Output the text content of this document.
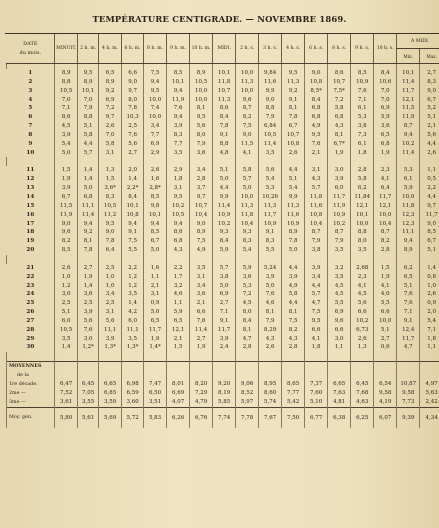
TEMPÉRATURE CENTIGRADE. — NOVEMBRE 1869.
DATE
du mois.	MINUIT.	2 h. m.	4 h. m.	6 h. m.	8 h. m.	9 h. m.	10 h. m.	MIDI.	2 h. s.	3 h. s.	4 h. s.	6 h. s.	8 h. s.	9 h. s.	10 h. s.	A MIDI.	
																Min.	Max.

1	8,9	9,5	6,5	6,6	7,5	8,5	8,9	10,1	10,0	9,84	9,5	9,0	8,6	8,5	8,4	10,1	2,7
2	8,8	8,9	8,9	9,0	9,4	10,1	10,5	11,8	11,3	11,6	11,3	10,8	10,7	10,9	10,6	11,4	8,3
3	10,5	10,1	9,2	9,7	9,5	9,4	10,0	10,7	10,0	9,9	9,2	8,5*	7,5*	7,6	7,0	11,7	9,0
4	7,0	7,0	6,9	8,0	10,0	11,9	10,0	11,3	9,6	9,0	9,1	8,4	7,2	7,1	7,0	12,1	6,7
5	7,1	7,9	7,2	7,8	7,4	7,6	8,1	8,6	8,7	8,8	8,1	6,8	5,8	6,1	6,9	11,5	5,2
6	8,6	8,8	9,7	10,3	10,0	9,4	9,5	8,4	8,2	7,9	7,8	6,8	6,8	5,3	5,9	11,9	5,1
7	4,5	5,1	2,6	2,5	3,4	3,9	5,6	7,8	7,5	6,84	6,7	4,9	4,3	3,8	3,6	8,7	2,1
8	3,9	5,8	7,0	7,6	7,7	8,3	8,0	9,1	9,0	10,5	10,7	9,5	8,1	7,3	6,5	9,4	5,6
9	5,4	4,4	5,8	5,6	6,9	7,7	7,9	8,8	11,5	11,4	10,8	7,6	6,7*	6,1	6,8	10,2	4,4
10	5,0	5,7	3,1	2,7	2,9	3,5	3,6	4,8	4,1	3,5	2,6	2,1	1,9	1,8	1,9	11,4	2,6

11	1,5	1,4	1,3	2,0	2,6	2,9	3,4	5,1	5,8	5,6	4,4	3,1	3,0	2,8	2,3	5,3	1,1
12	1,9	1,4	1,5	1,4	1,6	1,8	2,8	5,0	5,7	5,4	5,1	4,3	3,9	5,8	4,1	6,1	0,5
13	3,9	5,0	3,6*	2,2*	2,8*	3,1	3,7	4,4	5,0	5,3	5,4	5,7	6,0	6,2	6,4	5,9	2,2
14	6,7	6,8	8,3	8,4	8,5	9,5	9,7	9,9	10,0	10,26	9,9	11,8	11,7	11,84	11,7	10,0	4,4
15	11,5	11,1	10,5	10,1	9,8	10,2	10,7	11,4	11,3	11,3	11,3	11,6	11,9	12,1	12,1	11,8	9,7
16	11,9	11,4	11,2	10,8	10,1	10,5	10,4	10,9	11,8	11,7	11,6	10,8	10,9	10,1	10,0	12,3	11,7
17	9,0	9,4	9,5	9,4	9,4	9,4	9,0	10,2	10,4	10,9	10,9	10,4	10,2	10,0	10,4	12,3	9,0
18	9,6	9,2	9,0	9,1	8,5	8,6	8,9	9,3	9,3	9,1	8,9	8,7	8,7	8,8	8,7	11,1	8,5
19	8,2	8,1	7,8	7,5	6,7	6,8	7,5	8,4	8,3	8,3	7,8	7,9	7,9	8,0	8,2	9,4	6,7
20	8,5	7,8	6,4	5,5	5,0	4,3	4,9	5,9	5,4	5,5	5,0	3,8	3,5	3,5	2,8	8,9	5,1

21	2,6	2,7	2,5	2,2	1,6	2,2	3,5	5,7	5,9	5,24	4,4	3,9	3,2	2,68	1,5	6,2	1,4
22	1,0	1,9	1,0	1,2	1,1	1,7	3,1	3,8	3,6	3,9	3,9	3,4	3,5	2,3	1,9	6,5	0,8
23	1,2	1,4	1,0	1,2	2,1	3,2	3,4	5,0	5,3	5,0	4,9	4,4	4,5	4,1	4,1	5,1	1,0
24	3,0	3,6	3,4	3,5	3,1	4,6	3,6	6,9	7,2	7,6	5,8	5,7	4,5	4,5	4,0	7,6	2,6
25	2,5	2,5	2,5	1,4	0,9	1,1	2,1	2,7	4,5	4,6	4,4	4,7	5,5	5,6	5,5	7,6	0,9
26	5,1	3,9	3,1	4,2	5,0	5,9	6,6	7,1	8,0	8,1	8,1	7,5	6,9	6,6	6,6	7,1	2,0
27	6,0	5,6	5,6	6,0	6,5	6,5	7,6	9,1	8,4	7,9	7,5	9,5	9,6	10,2	10,0	9,1	5,4
28	10,5	7,6	11,1	11,1	11,7	12,1	11,4	11,7	8,1	8,29	8,2	6,6	6,6	6,73	5,1	12,4	7,1
29	3,5	3,0	3,9	3,5	1,9	2,1	2,7	3,9	4,7	4,3	4,3	4,1	3,0	2,6	2,7	11,7	1,8
30	1,4	1,2*	1,3*	1,3*	1,4*	1,5	1,9	2,4	2,8	2,6	2,8	1,8	1,1	1,3	0,6	4,7	1,1

MOYENNES																	
de la																	
1re décade.	6,47	6,45	6,65	6,98	7,47	8,01	8,20	9,20	9,06	8,95	8,65	7,37	6,65	6,45	6,54	10,87	4,97
2me —	7,52	7,05	6,85	6,59	6,50	6,69	7,29	8,19	8,52	8,60	7,77	7,60	7,63	7,68	9,58	9,58	5,63
3me —	3,61	3,55	3,59	3,60	3,51	4,07	4,79	5,85	5,97	5,74	5,42	5,10	4,81	4,63	4,19	7,73	2,42
Moy. gén.	5,80	5,61	5,69	5,72	5,83	6,26	6,76	7,74	7,78	7,67	7,50	6,77	6,38	6,25	6,07	9,39	4,34
